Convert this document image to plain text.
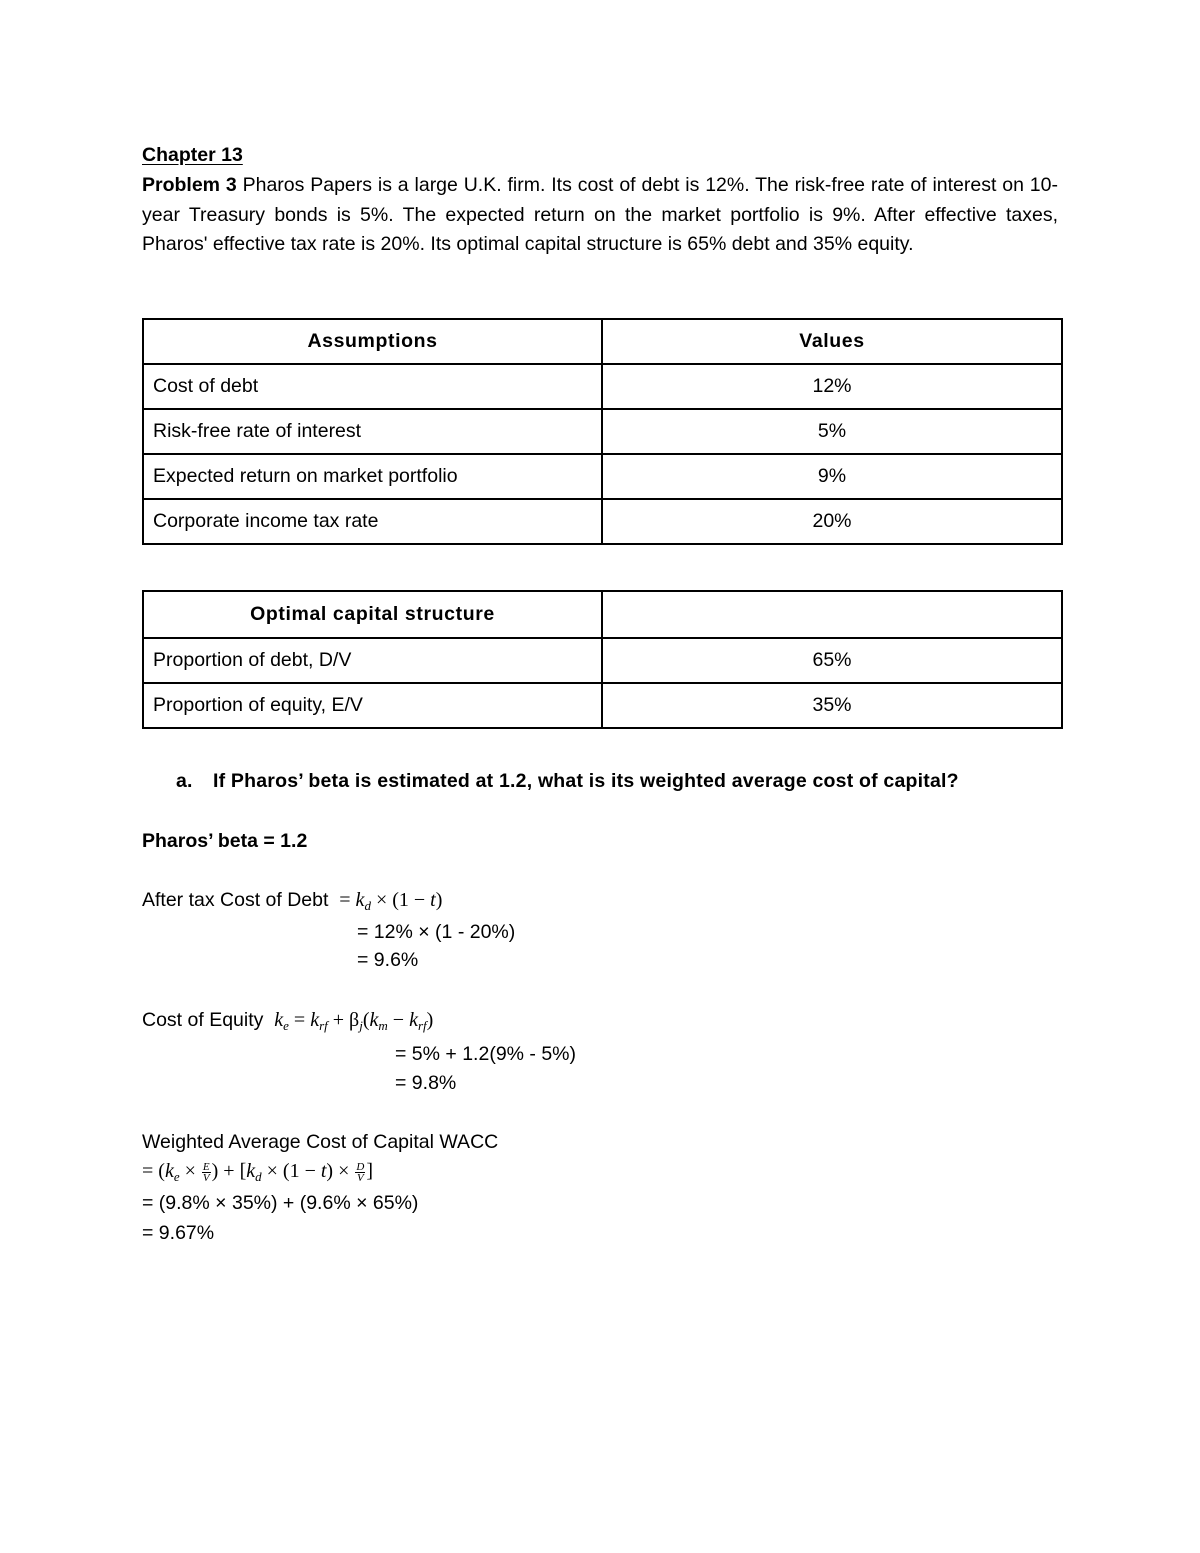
Chapter 13
Problem 3 Pharos Papers is a large U.K. firm. Its cost of debt is 12%. The risk-free rate of interest on 10-year Treasury bonds is 5%. The expected return on the market portfolio is 9%. After effective taxes, Pharos' effective tax rate is 20%. Its optimal capital structure is 65% debt and 35% equity.
Assumptions	Values
Cost of debt	12%
Risk-free rate of interest	5%
Expected return on market portfolio	9%
Corporate income tax rate	20%
Optimal capital structure	
Proportion of debt, D/V	65%
Proportion of equity, E/V	35%
a. If Pharos’ beta is estimated at 1.2, what is its weighted average cost of capital?
Pharos’ beta = 1.2
After tax Cost of Debt = $k_d \times (1 - t)$
= 12% × (1 - 20%)
= 9.6%
Cost of Equity $k_e = k_{rf} + \beta_j(k_m - k_{rf})$
= 5% + 1.2(9% - 5%)
= 9.8%
Weighted Average Cost of Capital WACC
= ($k_e \times \frac{E}{V}$ ) + [$k_d \times (1 - t) \times \frac{D}{V}$ ]
= (9.8% × 35%) + (9.6% × 65%)
= 9.67%
